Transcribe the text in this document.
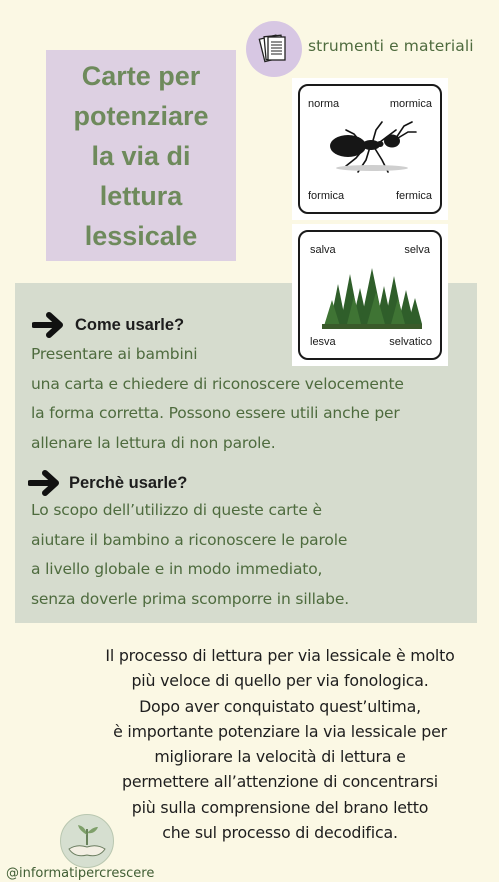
Carte per
potenziare
la via di
lettura
lessicale
strumenti e materiali
Come usarle?
Presentare ai bambini
una carta e chiedere di riconoscere velocemente
la forma corretta. Possono essere utili anche per
allenare la lettura di non parole.
Perchè usarle?
Lo scopo dell’utilizzo di queste carte è
aiutare il bambino a riconoscere le parole
a livello globale e in modo immediato,
senza doverle prima scomporre in sillabe.
norma	mormica
formica	fermica
salva	selva
lesva	selvatico
Il processo di lettura per via lessicale è molto
più veloce di quello per via fonologica.
Dopo aver conquistato quest’ultima,
è importante potenziare la via lessicale per
migliorare la velocità di lettura e
permettere all’attenzione di concentrarsi
più sulla comprensione del brano letto
che sul processo di decodifica.
@informatipercrescere
